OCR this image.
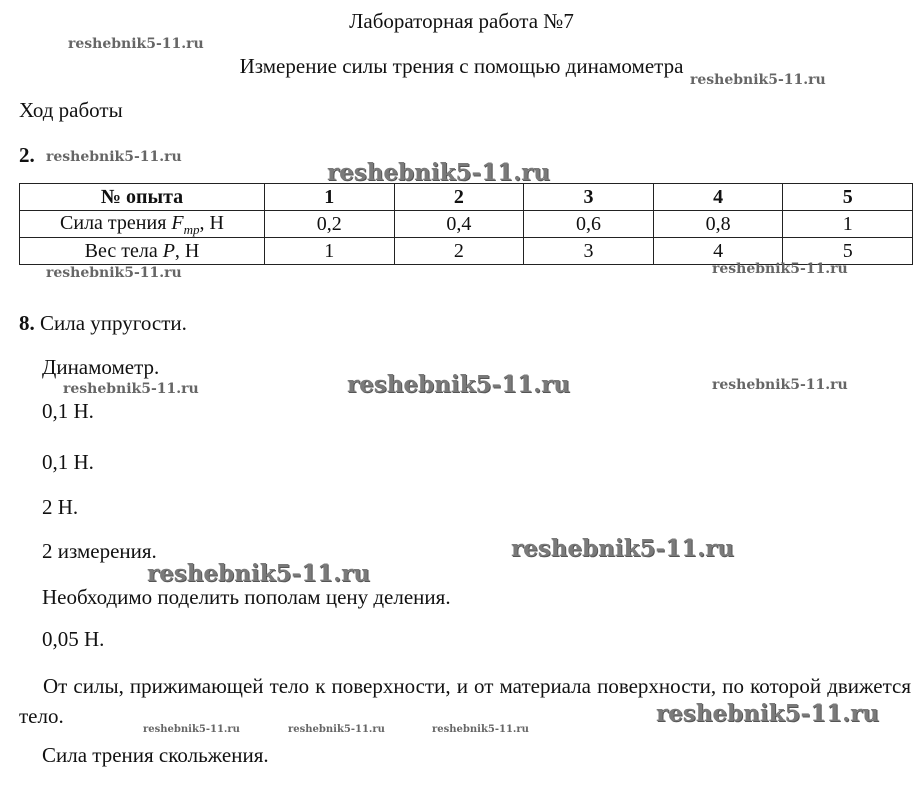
Лабораторная работа №7
Измерение силы трения с помощью динамометра
Ход работы
2.
№ опыта	1	2	3	4	5
Сила трения $F_{тр}$, Н	0,2	0,4	0,6	0,8	1
Вес тела P, Н	1	2	3	4	5
8. Сила упругости.
Динамометр.
0,1 Н.
0,1 Н.
2 Н.
2 измерения.
Необходимо поделить пополам цену деления.
0,05 Н.
От силы, прижимающей тело к поверхности, и от материала поверхности, по которой движется тело.
Сила трения скольжения.
reshebnik5-11.ru
reshebnik5-11.ru
reshebnik5-11.ru
reshebnik5-11.ru
reshebnik5-11.ru	reshebnik5-11.ru
reshebnik5-11.ru	reshebnik5-11.ru	reshebnik5-11.ru
reshebnik5-11.ru
reshebnik5-11.ru
reshebnik5-11.ru
reshebnik5-11.ru	reshebnik5-11.ru	reshebnik5-11.ru
